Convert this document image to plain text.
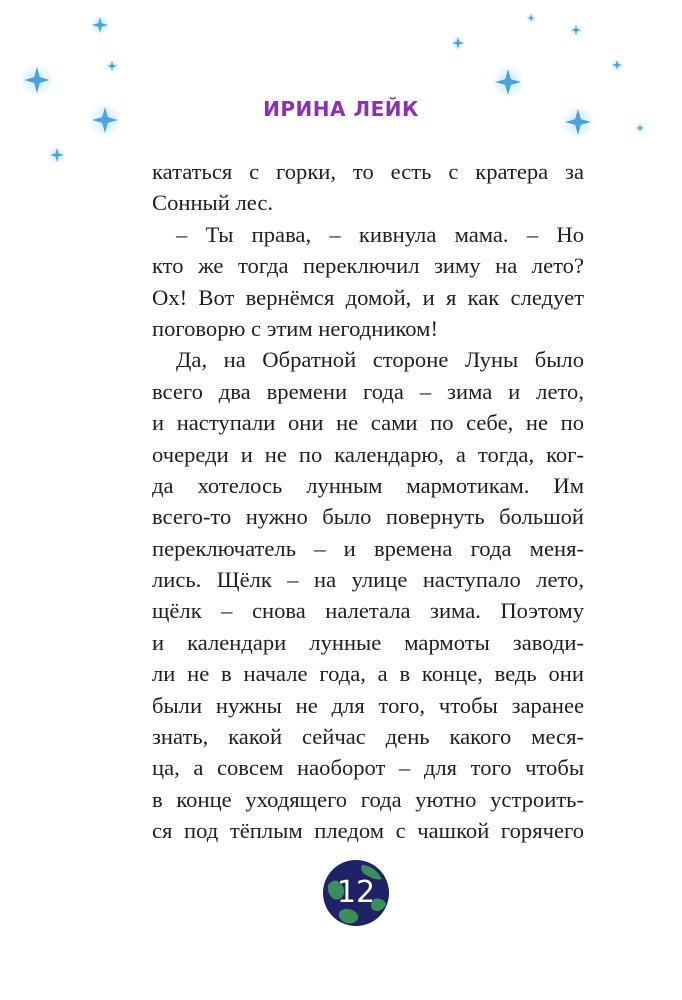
ИРИНА ЛЕЙК
кататься с горки, то есть с кратера за
Сонный лес.
– Ты права, – кивнула мама. – Но
кто же тогда переключил зиму на лето?
Ох! Вот вернёмся домой, и я как следует
поговорю с этим негодником!
Да, на Обратной стороне Луны было
всего два времени года – зима и лето,
и наступали они не сами по себе, не по
очереди и не по календарю, а тогда, ког-
да хотелось лунным мармотикам. Им
всего-то нужно было повернуть большой
переключатель – и времена года меня-
лись. Щёлк – на улице наступало лето,
щёлк – снова налетала зима. Поэтому
и календари лунные мармоты заводи-
ли не в начале года, а в конце, ведь они
были нужны не для того, чтобы заранее
знать, какой сейчас день какого меся-
ца, а совсем наоборот – для того чтобы
в конце уходящего года уютно устроить-
ся под тёплым пледом с чашкой горячего
12
